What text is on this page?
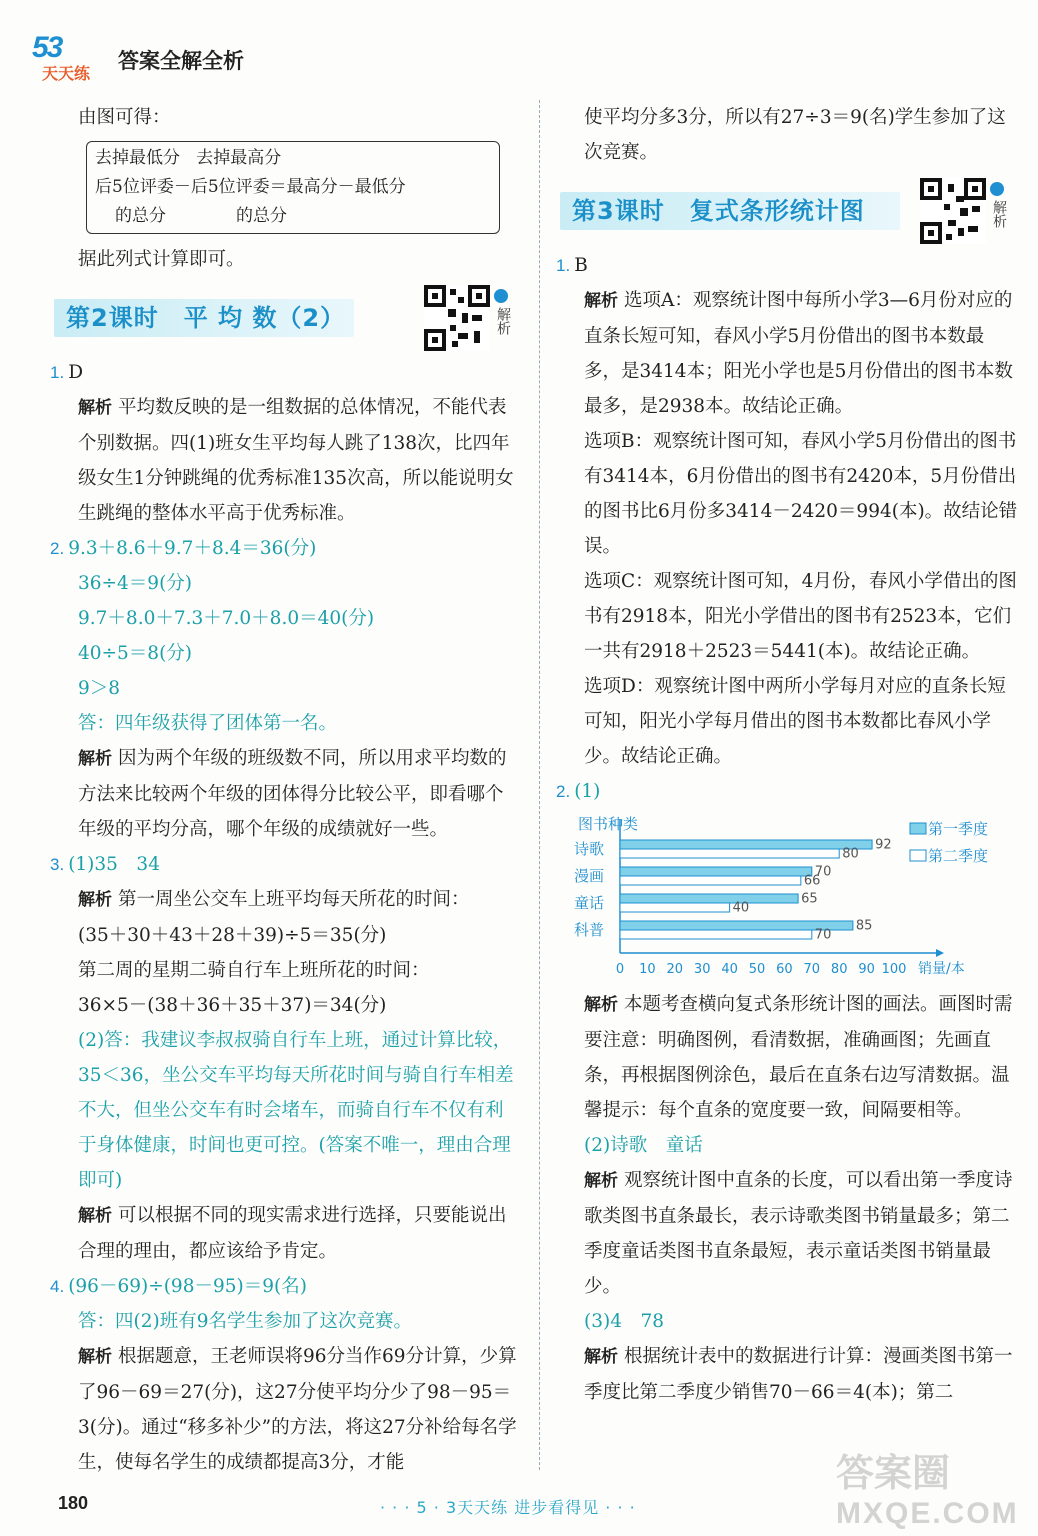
53
天天练
答案全解全析

由图可得：

去掉最低分 去掉最高分
后5位评委－后5位评委＝最高分－最低分
的总分	的总分

据此列式计算即可。

第2课时　平 均 数（2）	解析

1. D

解析 平均数反映的是一组数据的总体情况，不能代表个别数据。四(1)班女生平均每人跳了138次，比四年级女生1分钟跳绳的优秀标准135次高，所以能说明女生跳绳的整体水平高于优秀标准。

2. 9.3＋8.6＋9.7＋8.4＝36(分)

36÷4＝9(分)

9.7＋8.0＋7.3＋7.0＋8.0＝40(分)

40÷5＝8(分)

9＞8

答：四年级获得了团体第一名。

解析 因为两个年级的班级数不同，所以用求平均数的方法来比较两个年级的团体得分比较公平，即看哪个年级的平均分高，哪个年级的成绩就好一些。

3. (1)35　34

解析 第一周坐公交车上班平均每天所花的时间：

(35＋30＋43＋28＋39)÷5＝35(分)

第二周的星期二骑自行车上班所花的时间：

36×5－(38＋36＋35＋37)＝34(分)

(2)答：我建议李叔叔骑自行车上班，通过计算比较，35＜36，坐公交车平均每天所花时间与骑自行车相差不大，但坐公交车有时会堵车，而骑自行车不仅有利于身体健康，时间也更可控。(答案不唯一，理由合理即可)

解析 可以根据不同的现实需求进行选择，只要能说出合理的理由，都应该给予肯定。

4. (96－69)÷(98－95)＝9(名)

答：四(2)班有9名学生参加了这次竞赛。

解析 根据题意，王老师误将96分当作69分计算，少算了96－69＝27(分)，这27分使平均分少了98－95＝3(分)。通过“移多补少”的方法，将这27分补给每名学生，使每名学生的成绩都提高3分，才能

使平均分多3分，所以有27÷3＝9(名)学生参加了这次竞赛。

第3课时　复式条形统计图	解析

1. B

解析 选项A：观察统计图中每所小学3—6月份对应的直条长短可知，春风小学5月份借出的图书本数最多，是3414本；阳光小学也是5月份借出的图书本数最多，是2938本。故结论正确。

选项B：观察统计图可知，春风小学5月份借出的图书有3414本，6月份借出的图书有2420本，5月份借出的图书比6月份多3414－2420＝994(本)。故结论错误。

选项C：观察统计图可知，4月份，春风小学借出的图书有2918本，阳光小学借出的图书有2523本，它们一共有2918＋2523＝5441(本)。故结论正确。

选项D：观察统计图中两所小学每月对应的直条长短可知，阳光小学每月借出的图书本数都比春风小学少。故结论正确。

2. (1)

图书种类
0 10 20 30 40 50 60 70 80 90 100 销量/本
诗歌	92
80
漫画	70
66
童话	65
40
科普	85
70
第一季度
第二季度

解析 本题考查横向复式条形统计图的画法。画图时需要注意：明确图例，看清数据，准确画图；先画直条，再根据图例涂色，最后在直条右边写清数据。温馨提示：每个直条的宽度要一致，间隔要相等。

(2)诗歌　童话

解析 观察统计图中直条的长度，可以看出第一季度诗歌类图书直条最长，表示诗歌类图书销量最多；第二季度童话类图书直条最短，表示童话类图书销量最少。

(3)4　78

解析 根据统计表中的数据进行计算：漫画类图书第一季度比第二季度少销售70－66＝4(本)；第二

180	· · · 5 · 3天天练 进步看得见 · · ·
答案圈
MXQE.COM
